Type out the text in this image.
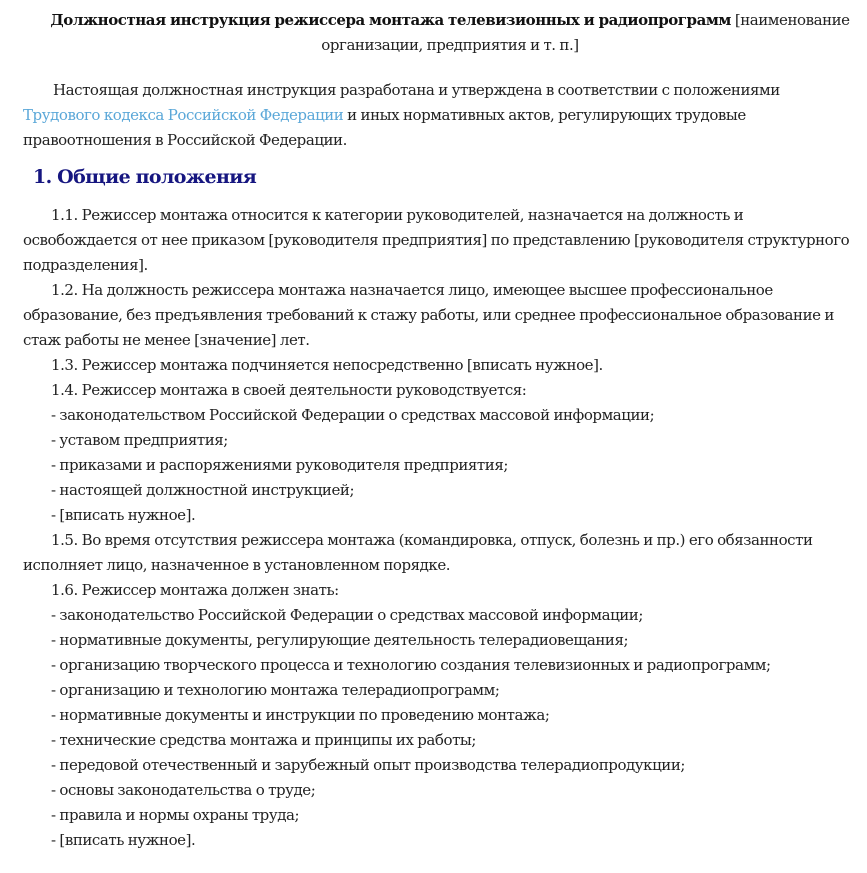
Должностная инструкция режиссера монтажа телевизионных и радиопрограмм [наименование организации, предприятия и т. п.]
Настоящая должностная инструкция разработана и утверждена в соответствии с положениями Трудового кодекса Российской Федерации и иных нормативных актов, регулирующих трудовые правоотношения в Российской Федерации.
1. Общие положения
1.1. Режиссер монтажа относится к категории руководителей, назначается на должность и освобождается от нее приказом [руководителя предприятия] по представлению [руководителя структурного подразделения].
1.2. На должность режиссера монтажа назначается лицо, имеющее высшее профессиональное образование, без предъявления требований к стажу работы, или среднее профессиональное образование и стаж работы не менее [значение] лет.
1.3. Режиссер монтажа подчиняется непосредственно [вписать нужное].
1.4. Режиссер монтажа в своей деятельности руководствуется:
- законодательством Российской Федерации о средствах массовой информации;
- уставом предприятия;
- приказами и распоряжениями руководителя предприятия;
- настоящей должностной инструкцией;
- [вписать нужное].
1.5. Во время отсутствия режиссера монтажа (командировка, отпуск, болезнь и пр.) его обязанности исполняет лицо, назначенное в установленном порядке.
1.6. Режиссер монтажа должен знать:
- законодательство Российской Федерации о средствах массовой информации;
- нормативные документы, регулирующие деятельность телерадиовещания;
- организацию творческого процесса и технологию создания телевизионных и радиопрограмм;
- организацию и технологию монтажа телерадиопрограмм;
- нормативные документы и инструкции по проведению монтажа;
- технические средства монтажа и принципы их работы;
- передовой отечественный и зарубежный опыт производства телерадиопродукции;
- основы законодательства о труде;
- правила и нормы охраны труда;
- [вписать нужное].
